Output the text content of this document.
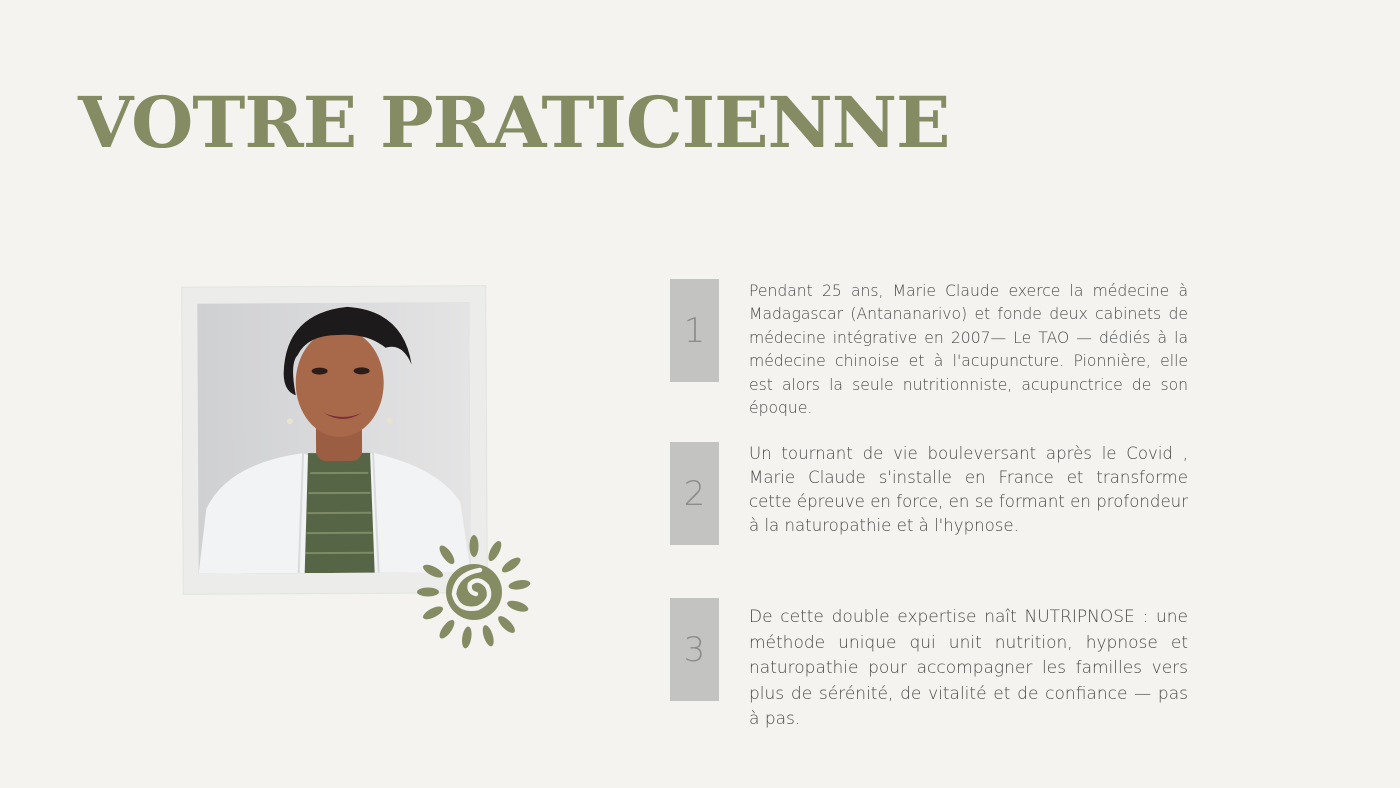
VOTRE PRATICIENNE
1

Pendant 25 ans, Marie Claude exerce la médecine à Madagascar (Antananarivo) et fonde deux cabinets de médecine intégrative en 2007— Le TAO — dédiés à la médecine chinoise et à l'acupuncture. Pionnière, elle est alors la seule nutritionniste, acupunctrice de son époque.

2

Un tournant de vie bouleversant après le Covid , Marie Claude s'installe en France et transforme cette épreuve en force, en se formant en profondeur à la naturopathie et à l'hypnose.

3

De cette double expertise naît NUTRIPNOSE : une méthode unique qui unit nutrition, hypnose et naturopathie pour accompagner les familles vers plus de sérénité, de vitalité et de confiance — pas à pas.
